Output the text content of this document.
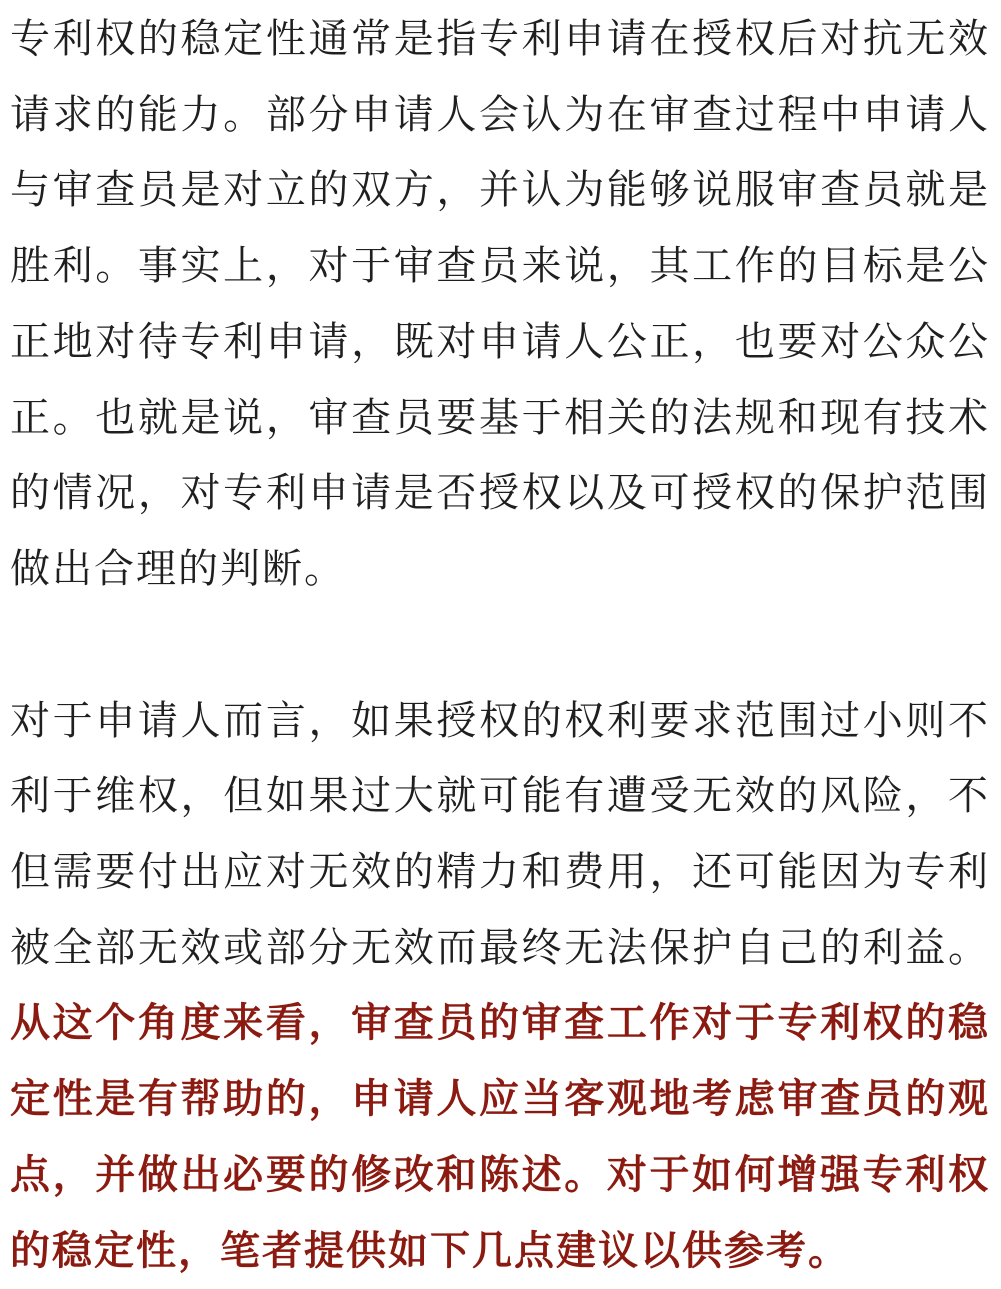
专利权的稳定性通常是指专利申请在授权后对抗无效请求的能力。部分申请人会认为在审查过程中申请人与审查员是对立的双方，并认为能够说服审查员就是胜利。事实上，对于审查员来说，其工作的目标是公正地对待专利申请，既对申请人公正，也要对公众公正。也就是说，审查员要基于相关的法规和现有技术的情况，对专利申请是否授权以及可授权的保护范围做出合理的判断。

对于申请人而言，如果授权的权利要求范围过小则不利于维权，但如果过大就可能有遭受无效的风险，不但需要付出应对无效的精力和费用，还可能因为专利被全部无效或部分无效而最终无法保护自己的利益。从这个角度来看，审查员的审查工作对于专利权的稳定性是有帮助的，申请人应当客观地考虑审查员的观点，并做出必要的修改和陈述。对于如何增强专利权的稳定性，笔者提供如下几点建议以供参考。
